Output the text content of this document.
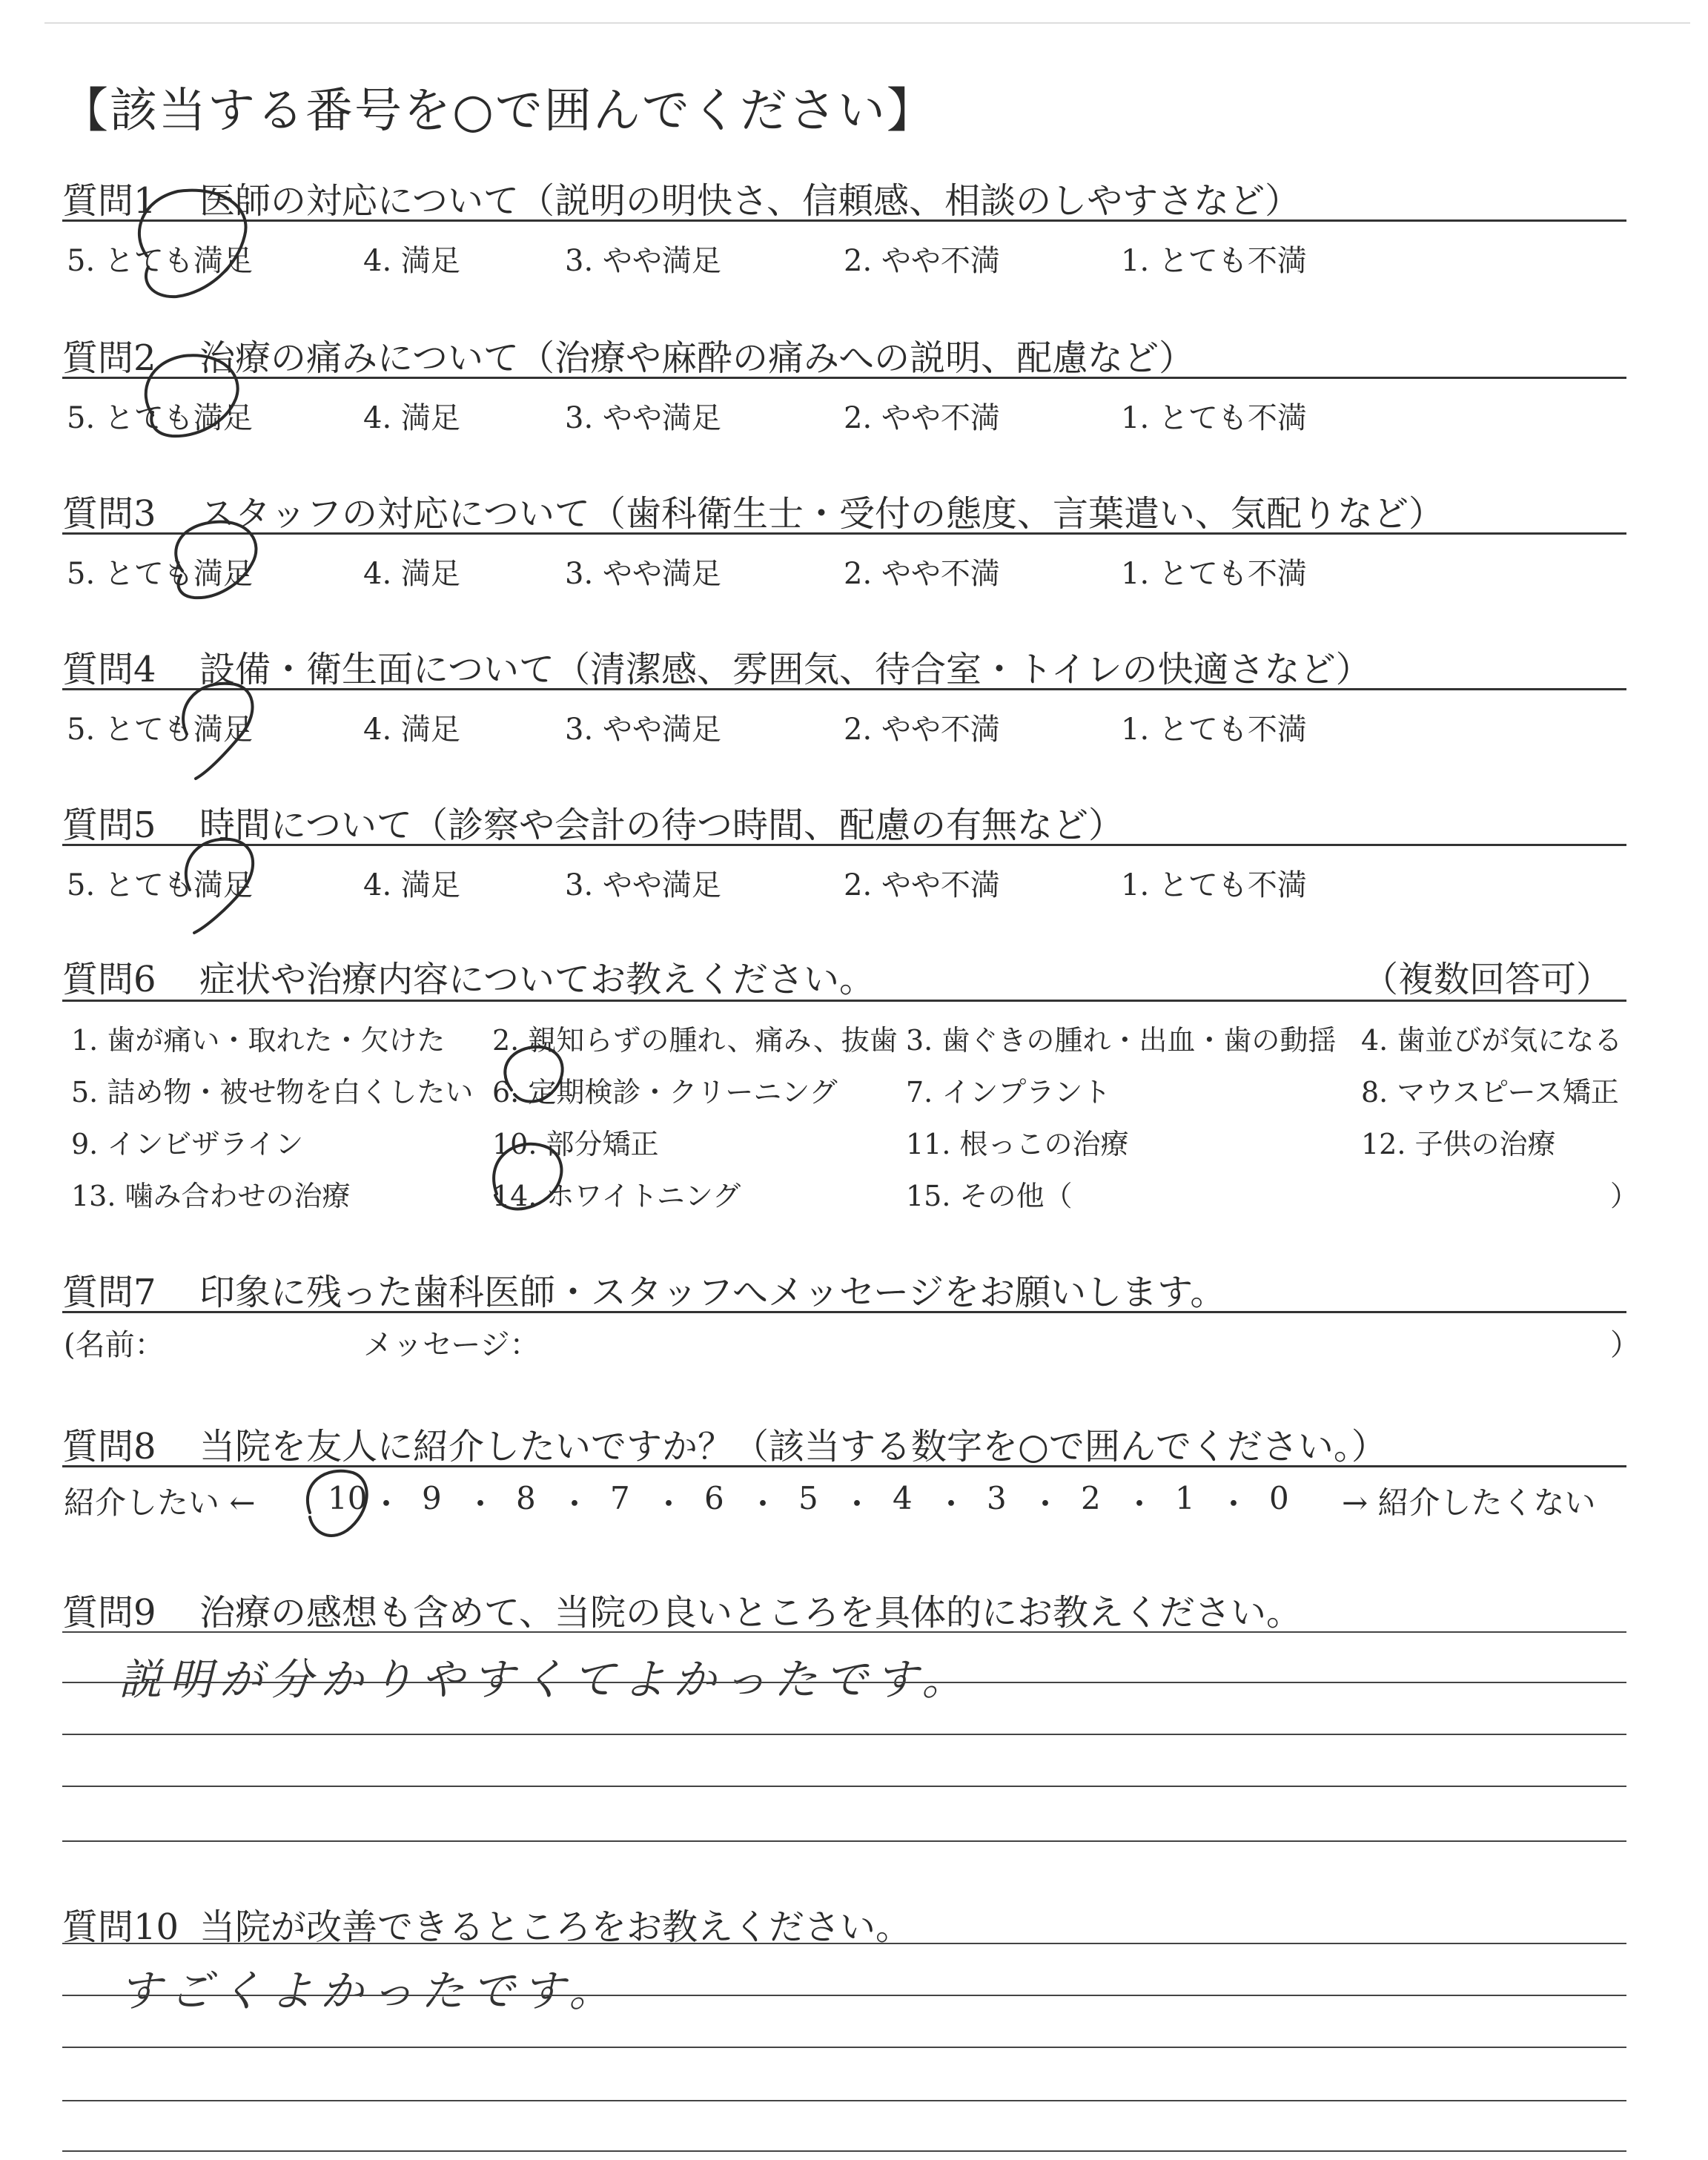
【該当する番号を○で囲んでください】
質問1 医師の対応について（説明の明快さ、信頼感、相談のしやすさなど）
5. とても満足	4. 満足	3. やや満足	2. やや不満	1. とても不満
質問2 治療の痛みについて（治療や麻酔の痛みへの説明、配慮など）
5. とても満足	4. 満足	3. やや満足	2. やや不満	1. とても不満
質問3 スタッフの対応について（歯科衛生士・受付の態度、言葉遣い、気配りなど）
5. とても満足	4. 満足	3. やや満足	2. やや不満	1. とても不満
質問4 設備・衛生面について（清潔感、雰囲気、待合室・トイレの快適さなど）
5. とても満足	4. 満足	3. やや満足	2. やや不満	1. とても不満
質問5 時間について（診察や会計の待つ時間、配慮の有無など）
5. とても満足	4. 満足	3. やや満足	2. やや不満	1. とても不満
質問6 症状や治療内容についてお教えください。	（複数回答可）
1. 歯が痛い・取れた・欠けた 2. 親知らずの腫れ、痛み、抜歯 3. 歯ぐきの腫れ・出血・歯の動揺 4. 歯並びが気になる
5. 詰め物・被せ物を白くしたい 6. 定期検診・クリーニング 7. インプラント	8. マウスピース矯正
9. インビザライン	10. 部分矯正	11. 根っこの治療	12. 子供の治療
13. 噛み合わせの治療	14. ホワイトニング	15. その他（	）
質問7 印象に残った歯科医師・スタッフへメッセージをお願いします。
(名前：	メッセージ：	）
質問8 当院を友人に紹介したいですか？（該当する数字を○で囲んでください。）
紹介したい ←	→ 紹介したくない
10 ・ 9 ・ 8 ・ 7 ・ 6 ・ 5 ・ 4 ・ 3 ・ 2 ・ 1 ・ 0
質問9 治療の感想も含めて、当院の良いところを具体的にお教えください。
説明が分かりやすくてよかったです。
質問10 当院が改善できるところをお教えください。
すごくよかったです。
